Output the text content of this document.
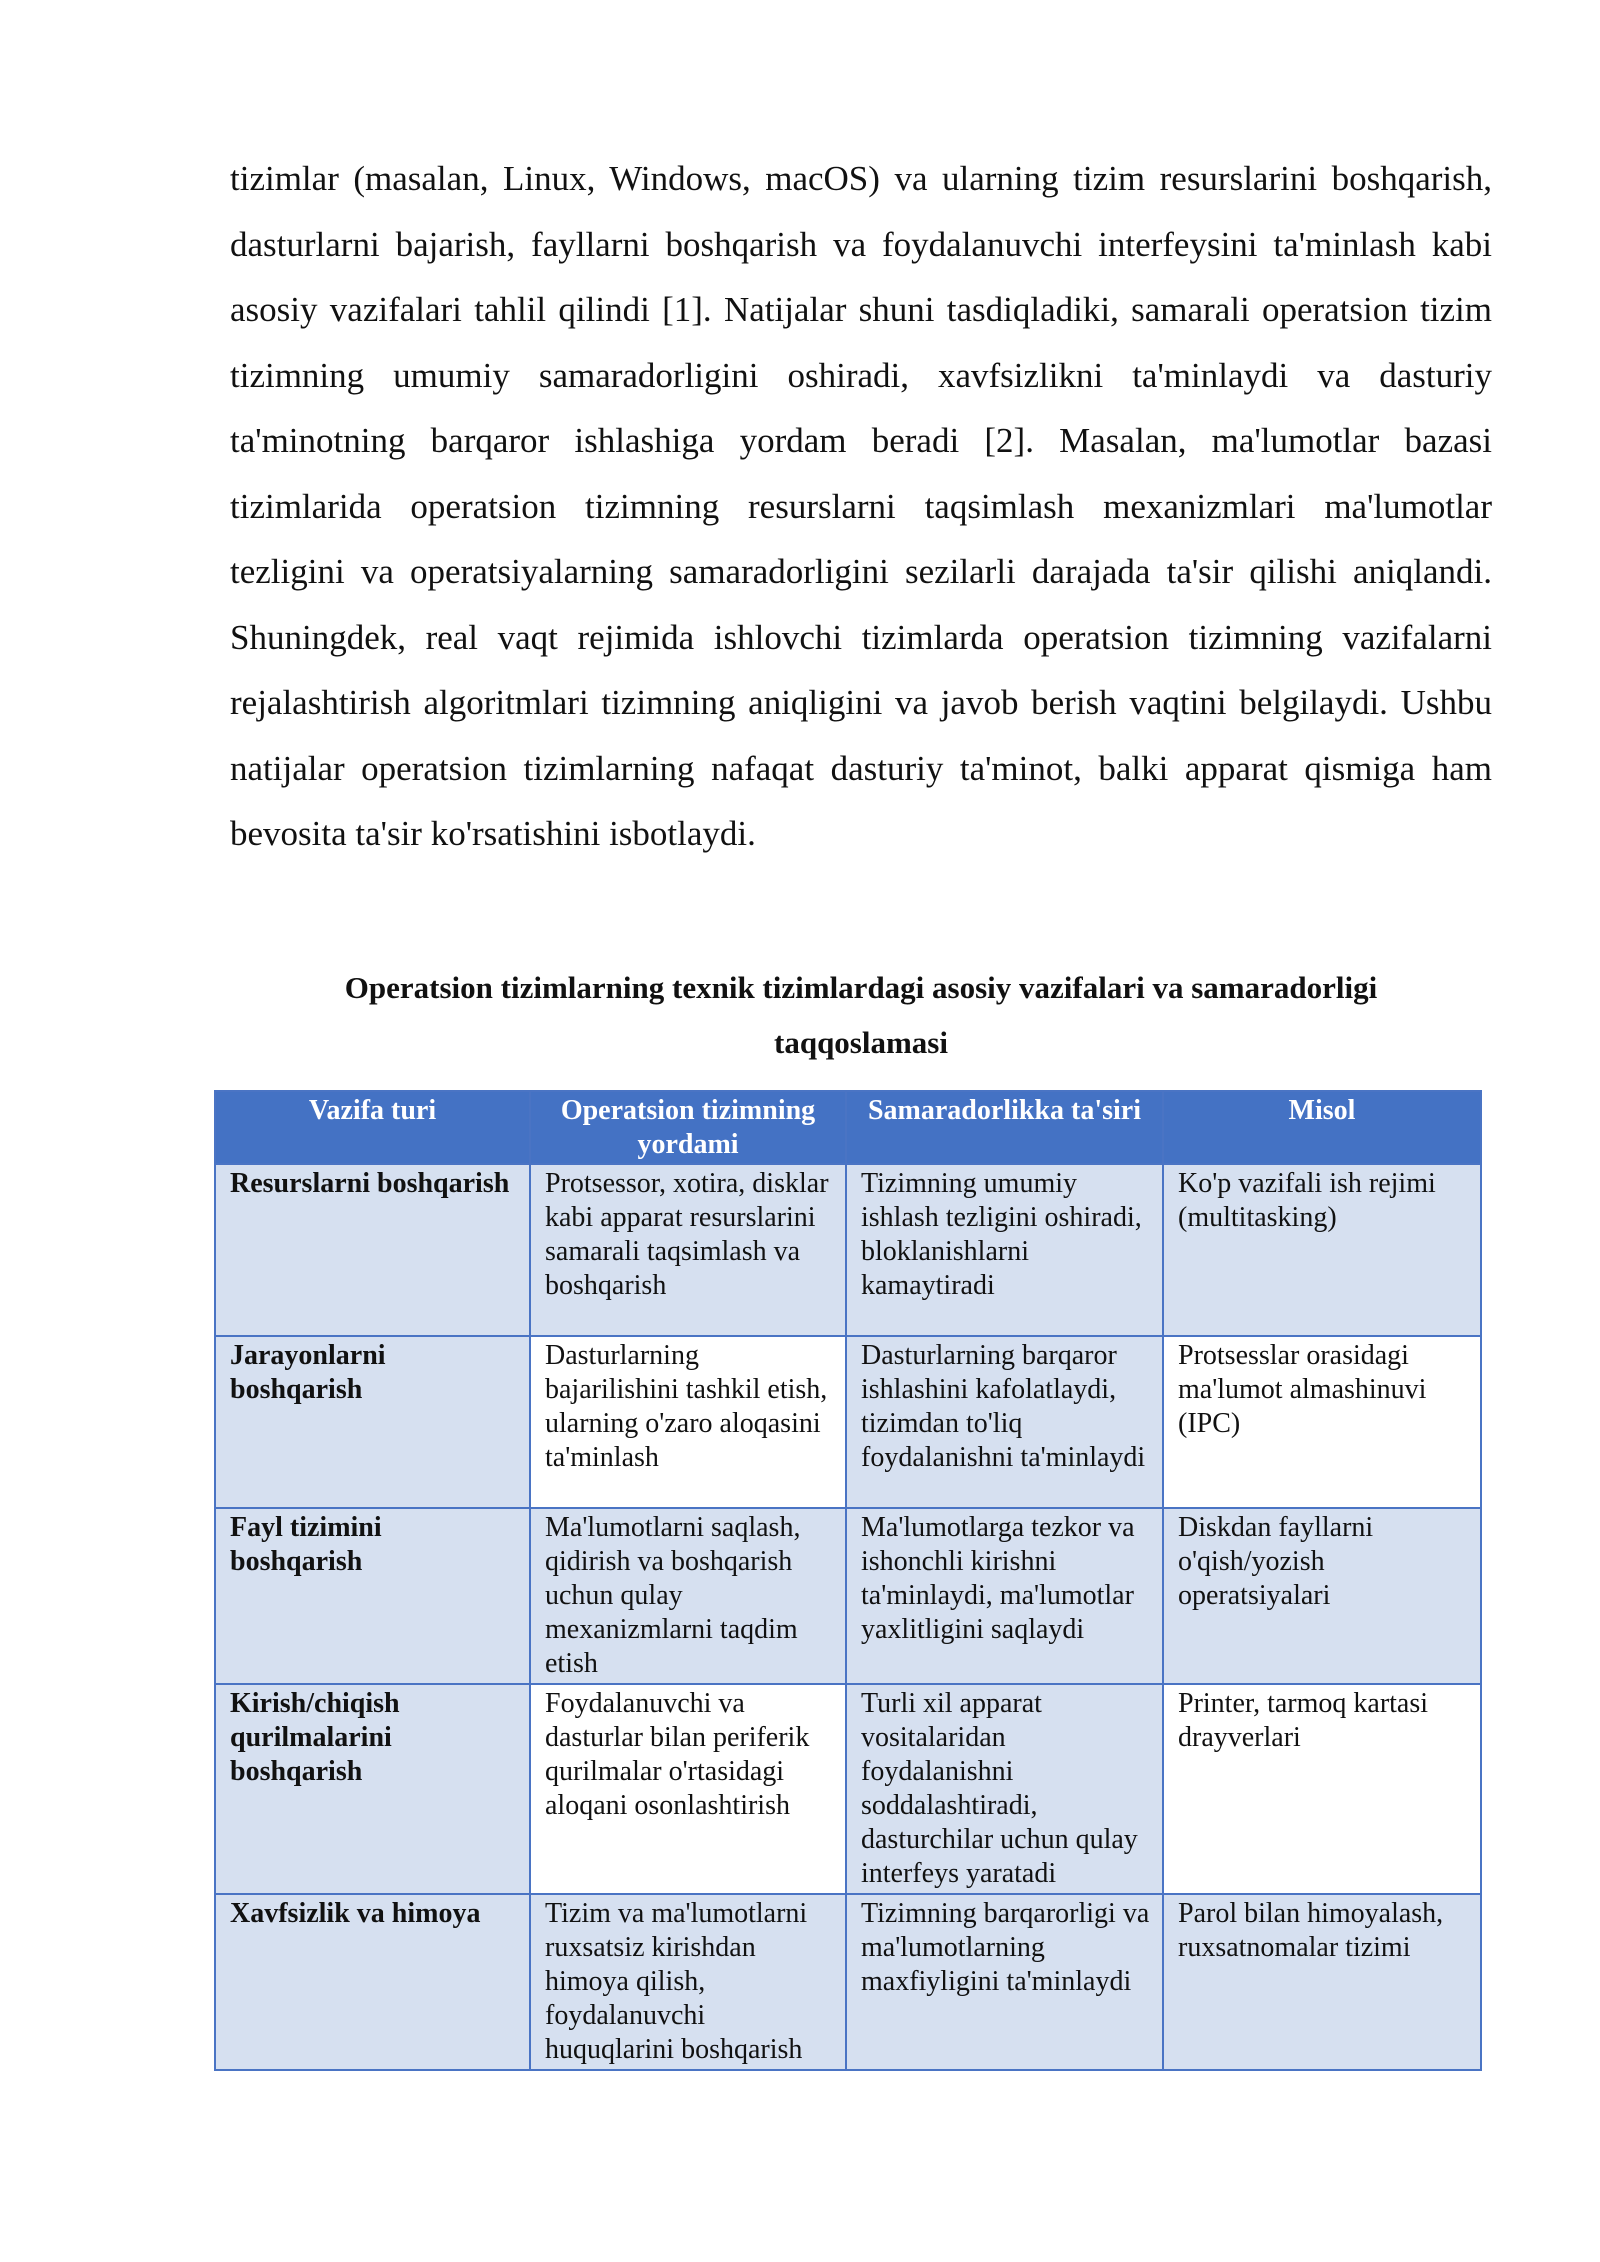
tizimlar (masalan, Linux, Windows, macOS) va ularning tizim resurslarini boshqarish, dasturlarni bajarish, fayllarni boshqarish va foydalanuvchi interfeysini ta'minlash kabi asosiy vazifalari tahlil qilindi [1]. Natijalar shuni tasdiqladiki, samarali operatsion tizim tizimning umumiy samaradorligini oshiradi, xavfsizlikni ta'minlaydi va dasturiy ta'minotning barqaror ishlashiga yordam beradi [2]. Masalan, ma'lumotlar bazasi tizimlarida operatsion tizimning resurslarni taqsimlash mexanizmlari ma'lumotlar tezligini va operatsiyalarning samaradorligini sezilarli darajada ta'sir qilishi aniqlandi. Shuningdek, real vaqt rejimida ishlovchi tizimlarda operatsion tizimning vazifalarni rejalashtirish algoritmlari tizimning aniqligini va javob berish vaqtini belgilaydi. Ushbu natijalar operatsion tizimlarning nafaqat dasturiy ta'minot, balki apparat qismiga ham bevosita ta'sir ko'rsatishini isbotlaydi.

Operatsion tizimlarning texnik tizimlardagi asosiy vazifalari va samaradorligi
taqqoslamasi
Vazifa turi	Operatsion tizimning yordami	Samaradorlikka ta'siri	Misol
Resurslarni boshqarish	Protsessor, xotira, disklar kabi apparat resurslarini samarali taqsimlash va boshqarish	Tizimning umumiy ishlash tezligini oshiradi, bloklanishlarni kamaytiradi	Ko'p vazifali ish rejimi (multitasking)
Jarayonlarni boshqarish	Dasturlarning bajarilishini tashkil etish, ularning o'zaro aloqasini ta'minlash	Dasturlarning barqaror ishlashini kafolatlaydi, tizimdan to'liq foydalanishni ta'minlaydi	Protsesslar orasidagi ma'lumot almashinuvi (IPC)
Fayl tizimini boshqarish	Ma'lumotlarni saqlash, qidirish va boshqarish uchun qulay mexanizmlarni taqdim etish	Ma'lumotlarga tezkor va ishonchli kirishni ta'minlaydi, ma'lumotlar yaxlitligini saqlaydi	Diskdan fayllarni o'qish/yozish operatsiyalari
Kirish/chiqish qurilmalarini boshqarish	Foydalanuvchi va dasturlar bilan periferik qurilmalar o'rtasidagi aloqani osonlashtirish	Turli xil apparat vositalaridan foydalanishni soddalashtiradi, dasturchilar uchun qulay interfeys yaratadi	Printer, tarmoq kartasi drayverlari
Xavfsizlik va himoya	Tizim va ma'lumotlarni ruxsatsiz kirishdan himoya qilish, foydalanuvchi huquqlarini boshqarish	Tizimning barqarorligi va ma'lumotlarning maxfiyligini ta'minlaydi	Parol bilan himoyalash, ruxsatnomalar tizimi
